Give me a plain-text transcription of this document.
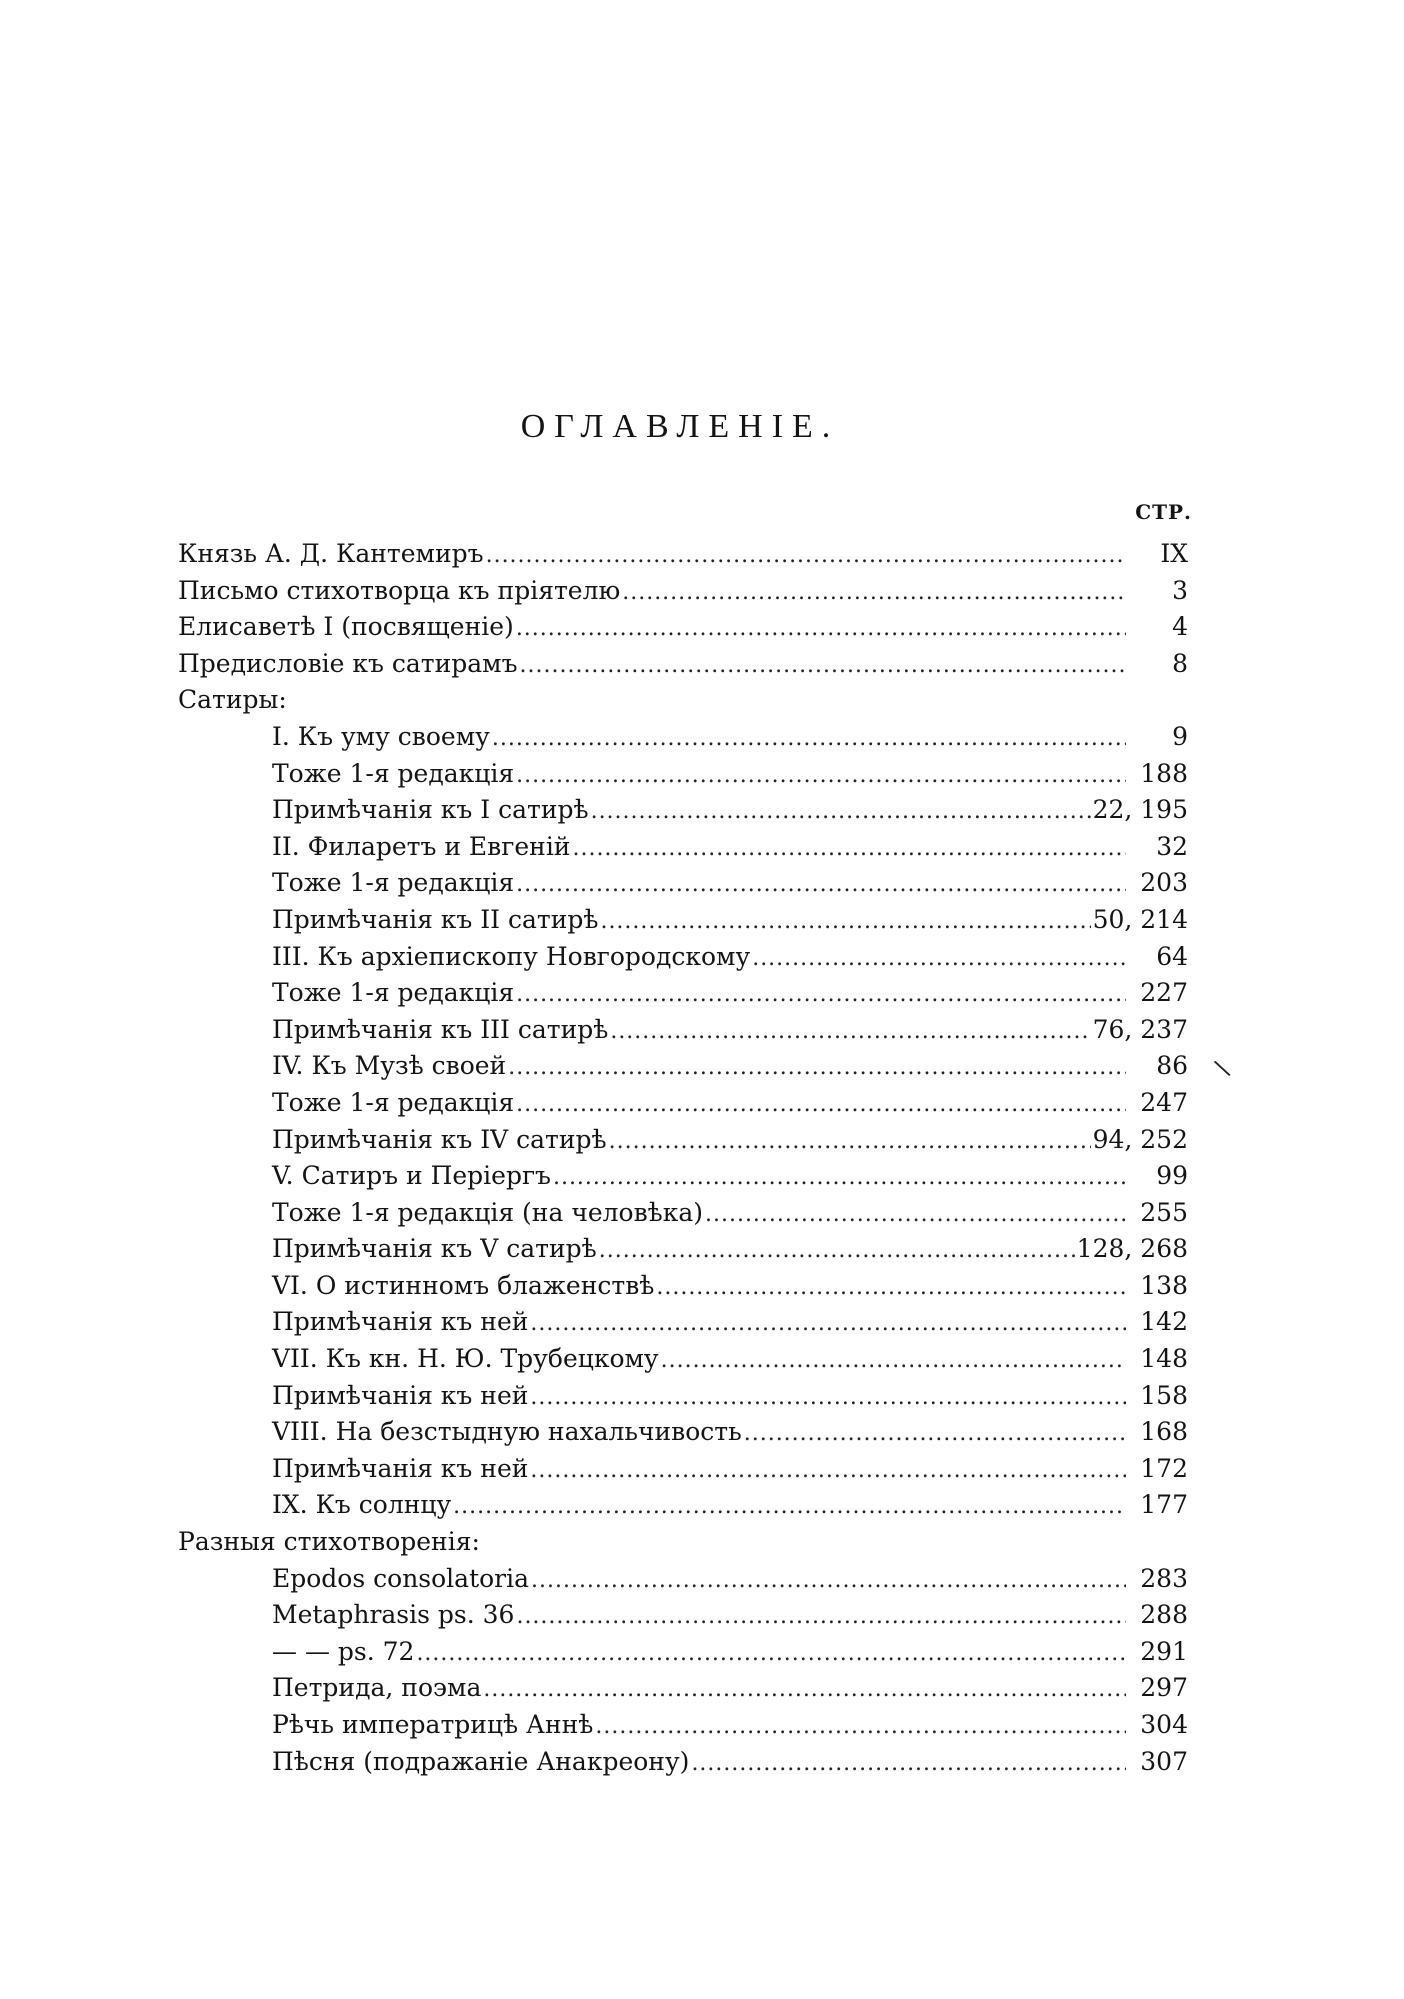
ОГЛАВЛЕНІЕ.
СТР.
Князь А. Д. Кантемиръ . . .	IX
Письмо стихотворца къ пріятелю . . .	3
Елисаветѣ I (посвященіе) . . .	4
Предисловіе къ сатирамъ . . .	8
Сатиры:
I. Къ уму своему . . .	9
Тоже 1-я редакція . . .	188
Примѣчанія къ I сатирѣ . . .	22, 195
II. Филаретъ и Евгеній . . .	32
Тоже 1-я редакція . . .	203
Примѣчанія къ II сатирѣ . . .	50, 214
III. Къ архіепископу Новгородскому . . .	64
Тоже 1-я редакція . . .	227
Примѣчанія къ III сатирѣ . . .	76, 237
IV. Къ Музѣ своей . . .	86
Тоже 1-я редакція . . .	247
Примѣчанія къ IV сатирѣ . . .	94, 252
V. Сатиръ и Періергъ . . .	99
Тоже 1-я редакція (на человѣка) . . .	255
Примѣчанія къ V сатирѣ . . .	128, 268
VI. О истинномъ блаженствѣ . . .	138
Примѣчанія къ ней . . .	142
VII. Къ кн. Н. Ю. Трубецкому . . .	148
Примѣчанія къ ней . . .	158
VIII. На безстыдную нахальчивость . . .	168
Примѣчанія къ ней . . .	172
IX. Къ солнцу . . .	177
Разныя стихотворенія:
Epodos consolatoria . . .	283
Metaphrasis ps. 36 . . .	288
— — ps. 72 . . .	291
Петрида, поэма . . .	297
Рѣчь императрицѣ Аннѣ . . .	304
Пѣсня (подражаніе Анакреону) . . .	307
\
